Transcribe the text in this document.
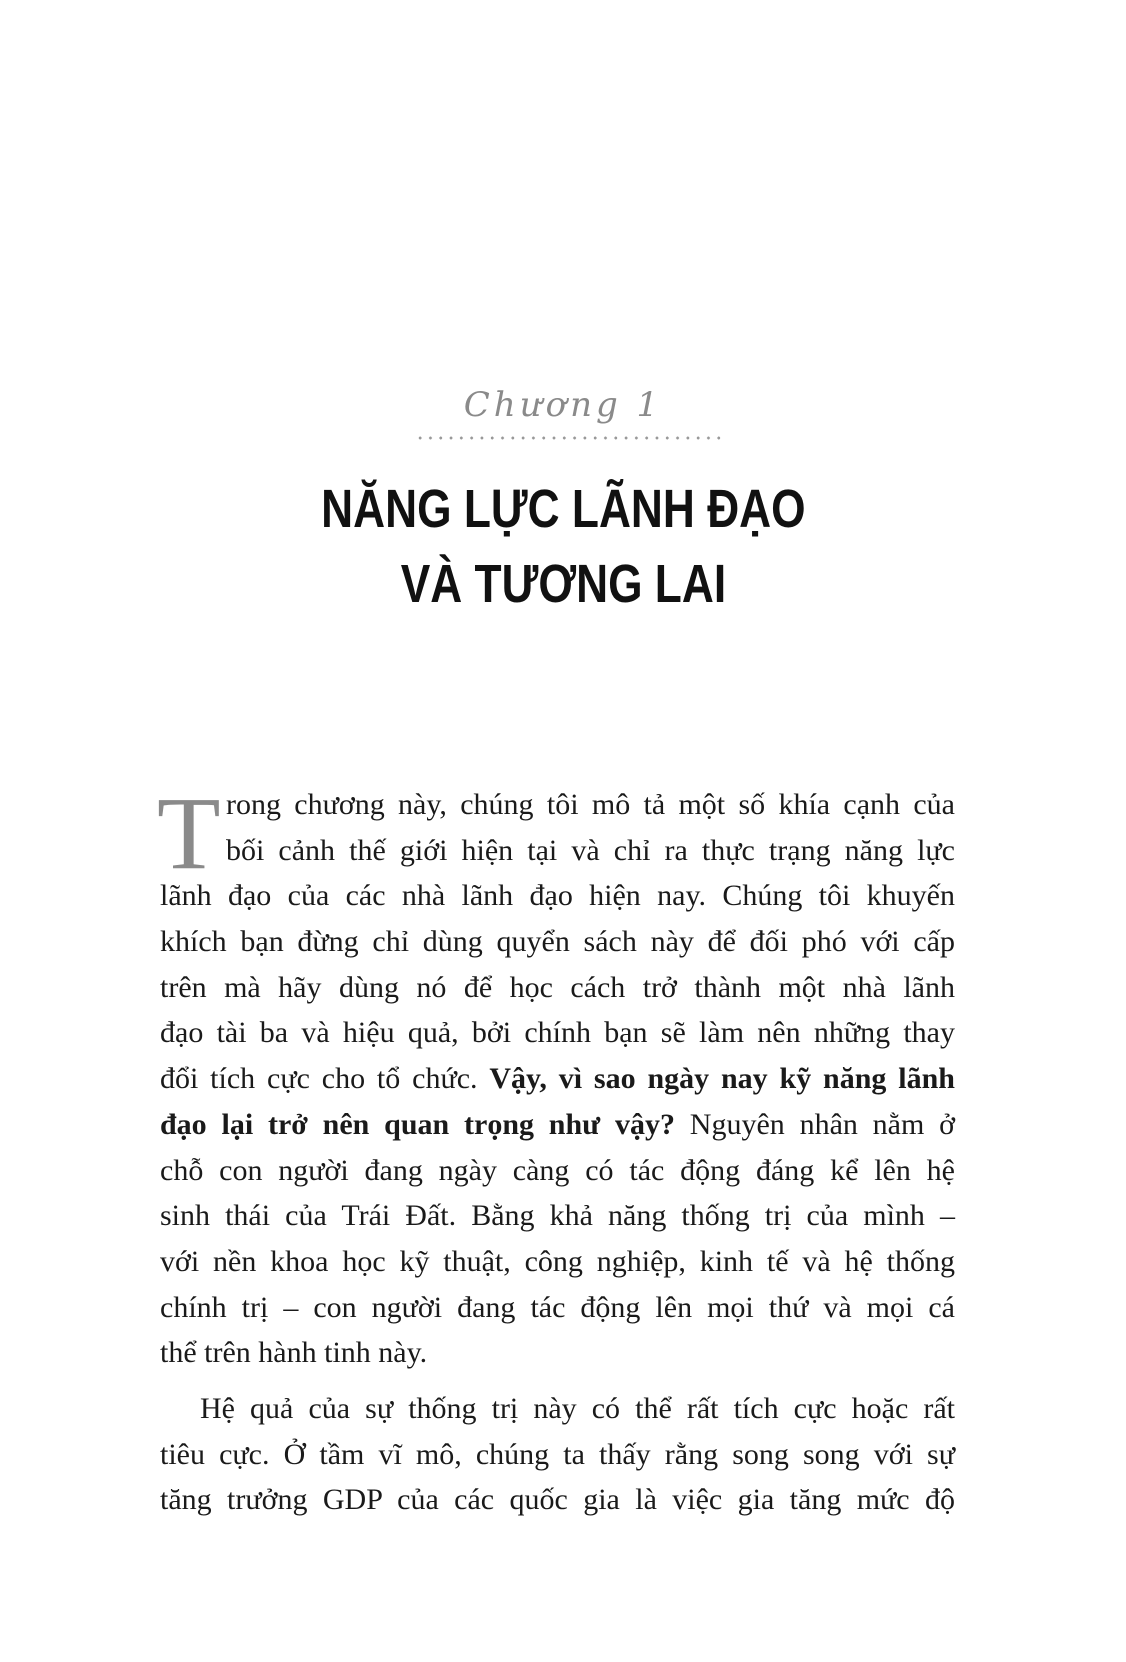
Chương 1
NĂNG LỰC LÃNH ĐẠO
VÀ TƯƠNG LAI
T rong chương này, chúng tôi mô tả một số khía cạnh của
bối cảnh thế giới hiện tại và chỉ ra thực trạng năng lực
lãnh đạo của các nhà lãnh đạo hiện nay. Chúng tôi khuyến
khích bạn đừng chỉ dùng quyển sách này để đối phó với cấp
trên mà hãy dùng nó để học cách trở thành một nhà lãnh
đạo tài ba và hiệu quả, bởi chính bạn sẽ làm nên những thay
đổi tích cực cho tổ chức. Vậy, vì sao ngày nay kỹ năng lãnh
đạo lại trở nên quan trọng như vậy? Nguyên nhân nằm ở
chỗ con người đang ngày càng có tác động đáng kể lên hệ
sinh thái của Trái Đất. Bằng khả năng thống trị của mình –
với nền khoa học kỹ thuật, công nghiệp, kinh tế và hệ thống
chính trị – con người đang tác động lên mọi thứ và mọi cá
thể trên hành tinh này.
Hệ quả của sự thống trị này có thể rất tích cực hoặc rất
tiêu cực. Ở tầm vĩ mô, chúng ta thấy rằng song song với sự
tăng trưởng GDP của các quốc gia là việc gia tăng mức độ
